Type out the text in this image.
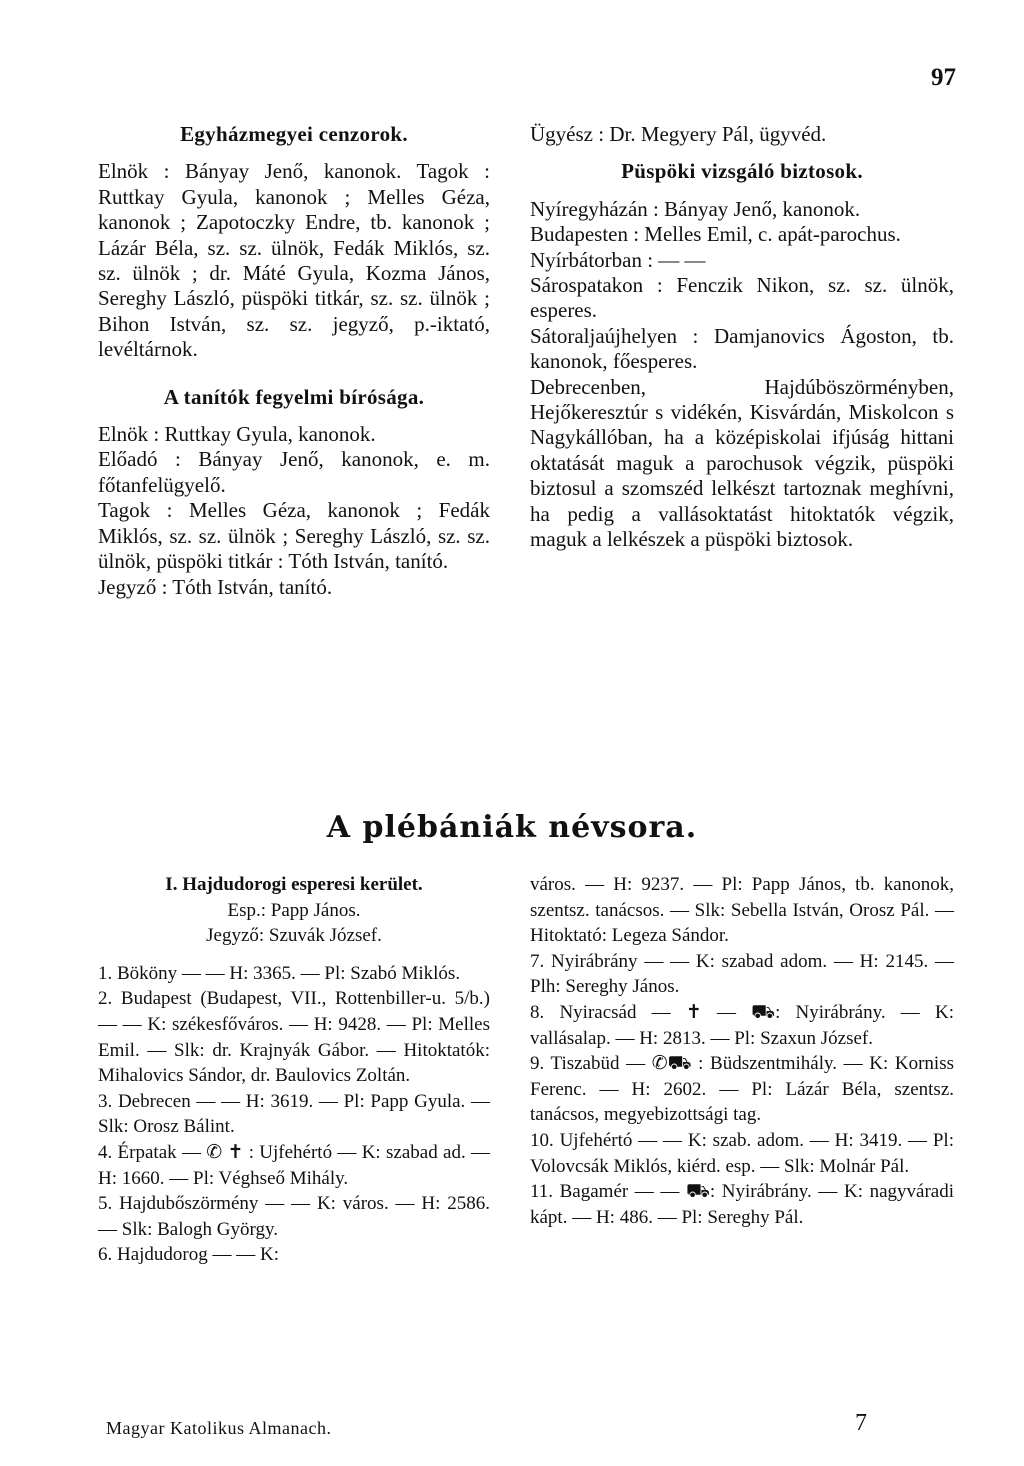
97
Egyházmegyei cenzorok.

Elnök : Bányay Jenő, kanonok. Tagok : Ruttkay Gyula, kanonok ; Melles Géza, kanonok ; Zapotoczky Endre, tb. kanonok ; Lázár Béla, sz. sz. ülnök, Fedák Miklós, sz. sz. ülnök ; dr. Máté Gyula, Kozma János, Sereghy László, püspöki titkár, sz. sz. ülnök ; Bihon István, sz. sz. jegyző, p.-iktató, levéltárnok.

A tanítók fegyelmi bírósága.

Elnök : Ruttkay Gyula, kanonok.

Előadó : Bányay Jenő, kanonok, e. m. főtanfelügyelő.

Tagok : Melles Géza, kanonok ; Fedák Miklós, sz. sz. ülnök ; Sereghy László, sz. sz. ülnök, püspöki titkár : Tóth István, tanító.

Jegyző : Tóth István, tanító.

Ügyész : Dr. Megyery Pál, ügyvéd.

Püspöki vizsgáló biztosok.

Nyíregyházán : Bányay Jenő, kanonok.

Budapesten : Melles Emil, c. apát-parochus.

Nyírbátorban : — —

Sárospatakon : Fenczik Nikon, sz. sz. ülnök, esperes.

Sátoraljaújhelyen : Damjanovics Ágoston, tb. kanonok, főesperes.

Debrecenben, Hajdúböszörményben, Hejőkeresztúr s vidékén, Kisvárdán, Miskolcon s Nagykállóban, ha a középiskolai ifjúság hittani oktatását maguk a parochusok végzik, püspöki biztosul a szomszéd lelkészt tartoznak meghívni, ha pedig a vallásoktatást hitoktatók végzik, maguk a lelkészek a püspöki biztosok.

A plébániák névsora.
I. Hajdudorogi esperesi kerület.
Esp.: Papp János.
Jegyző: Szuvák József.

1. Bököny — — H: 3365. — Pl: Szabó Miklós.

2. Budapest (Budapest, VII., Rottenbiller-u. 5/b.) — — K: székesfőváros. — H: 9428. — Pl: Melles Emil. — Slk: dr. Krajnyák Gábor. — Hitoktatók: Mihalovics Sándor, dr. Baulovics Zoltán.

3. Debrecen — — H: 3619. — Pl: Papp Gyula. — Slk: Orosz Bálint.

4. Érpatak — ✆ ✝ : Ujfehértó — K: szabad ad. — H: 1660. — Pl: Véghseő Mihály.

5. Hajdubőszörmény — — K: város. — H: 2586. — Slk: Balogh György.

6. Hajdudorog — — K:

város. — H: 9237. — Pl: Papp János, tb. kanonok, szentsz. tanácsos. — Slk: Sebella István, Orosz Pál. — Hitoktató: Legeza Sándor.

7. Nyirábrány — — K: szabad adom. — H: 2145. — Plh: Sereghy János.

8. Nyiracsád — ✝ — ⛟: Nyirábrány. — K: vallásalap. — H: 2813. — Pl: Szaxun József.

9. Tiszabüd — ✆⛟ : Büdszentmihály. — K: Korniss Ferenc. — H: 2602. — Pl: Lázár Béla, szentsz. tanácsos, megyebizottsági tag.

10. Ujfehértó — — K: szab. adom. — H: 3419. — Pl: Volovcsák Miklós, kiérd. esp. — Slk: Molnár Pál.

11. Bagamér — — ⛟: Nyirábrány. — K: nagyváradi kápt. — H: 486. — Pl: Sereghy Pál.

Magyar Katolikus Almanach.	7
